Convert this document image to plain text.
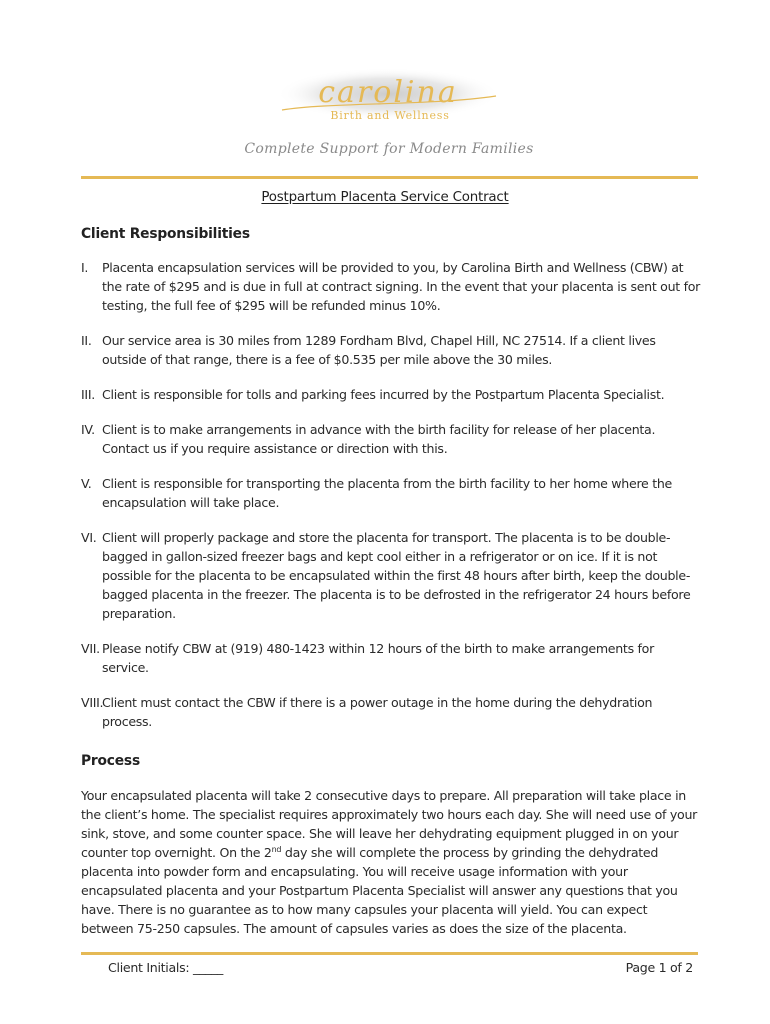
carolina
Birth and Wellness
Complete Support for Modern Families
Postpartum Placenta Service Contract
Client Responsibilities
I. Placenta encapsulation services will be provided to you, by Carolina Birth and Wellness (CBW) at the rate of $295 and is due in full at contract signing. In the event that your placenta is sent out for testing, the full fee of $295 will be refunded minus 10%.
II. Our service area is 30 miles from 1289 Fordham Blvd, Chapel Hill, NC 27514. If a client lives outside of that range, there is a fee of $0.535 per mile above the 30 miles.
III. Client is responsible for tolls and parking fees incurred by the Postpartum Placenta Specialist.
IV. Client is to make arrangements in advance with the birth facility for release of her placenta. Contact us if you require assistance or direction with this.
V. Client is responsible for transporting the placenta from the birth facility to her home where the encapsulation will take place.
VI. Client will properly package and store the placenta for transport. The placenta is to be double-bagged in gallon-sized freezer bags and kept cool either in a refrigerator or on ice. If it is not possible for the placenta to be encapsulated within the first 48 hours after birth, keep the double-bagged placenta in the freezer. The placenta is to be defrosted in the refrigerator 24 hours before preparation.
VII. Please notify CBW at (919) 480-1423 within 12 hours of the birth to make arrangements for service.
VIII.
Client must contact the CBW if there is a power outage in the home during the dehydration process.
Process

Your encapsulated placenta will take 2 consecutive days to prepare. All preparation will take place in the client’s home. The specialist requires approximately two hours each day. She will need use of your sink, stove, and some counter space. She will leave her dehydrating equipment plugged in on your counter top overnight. On the 2nd day she will complete the process by grinding the dehydrated placenta into powder form and encapsulating. You will receive usage information with your encapsulated placenta and your Postpartum Placenta Specialist will answer any questions that you have. There is no guarantee as to how many capsules your placenta will yield. You can expect between 75-250 capsules. The amount of capsules varies as does the size of the placenta.

Client Initials: _____	Page 1 of 2
